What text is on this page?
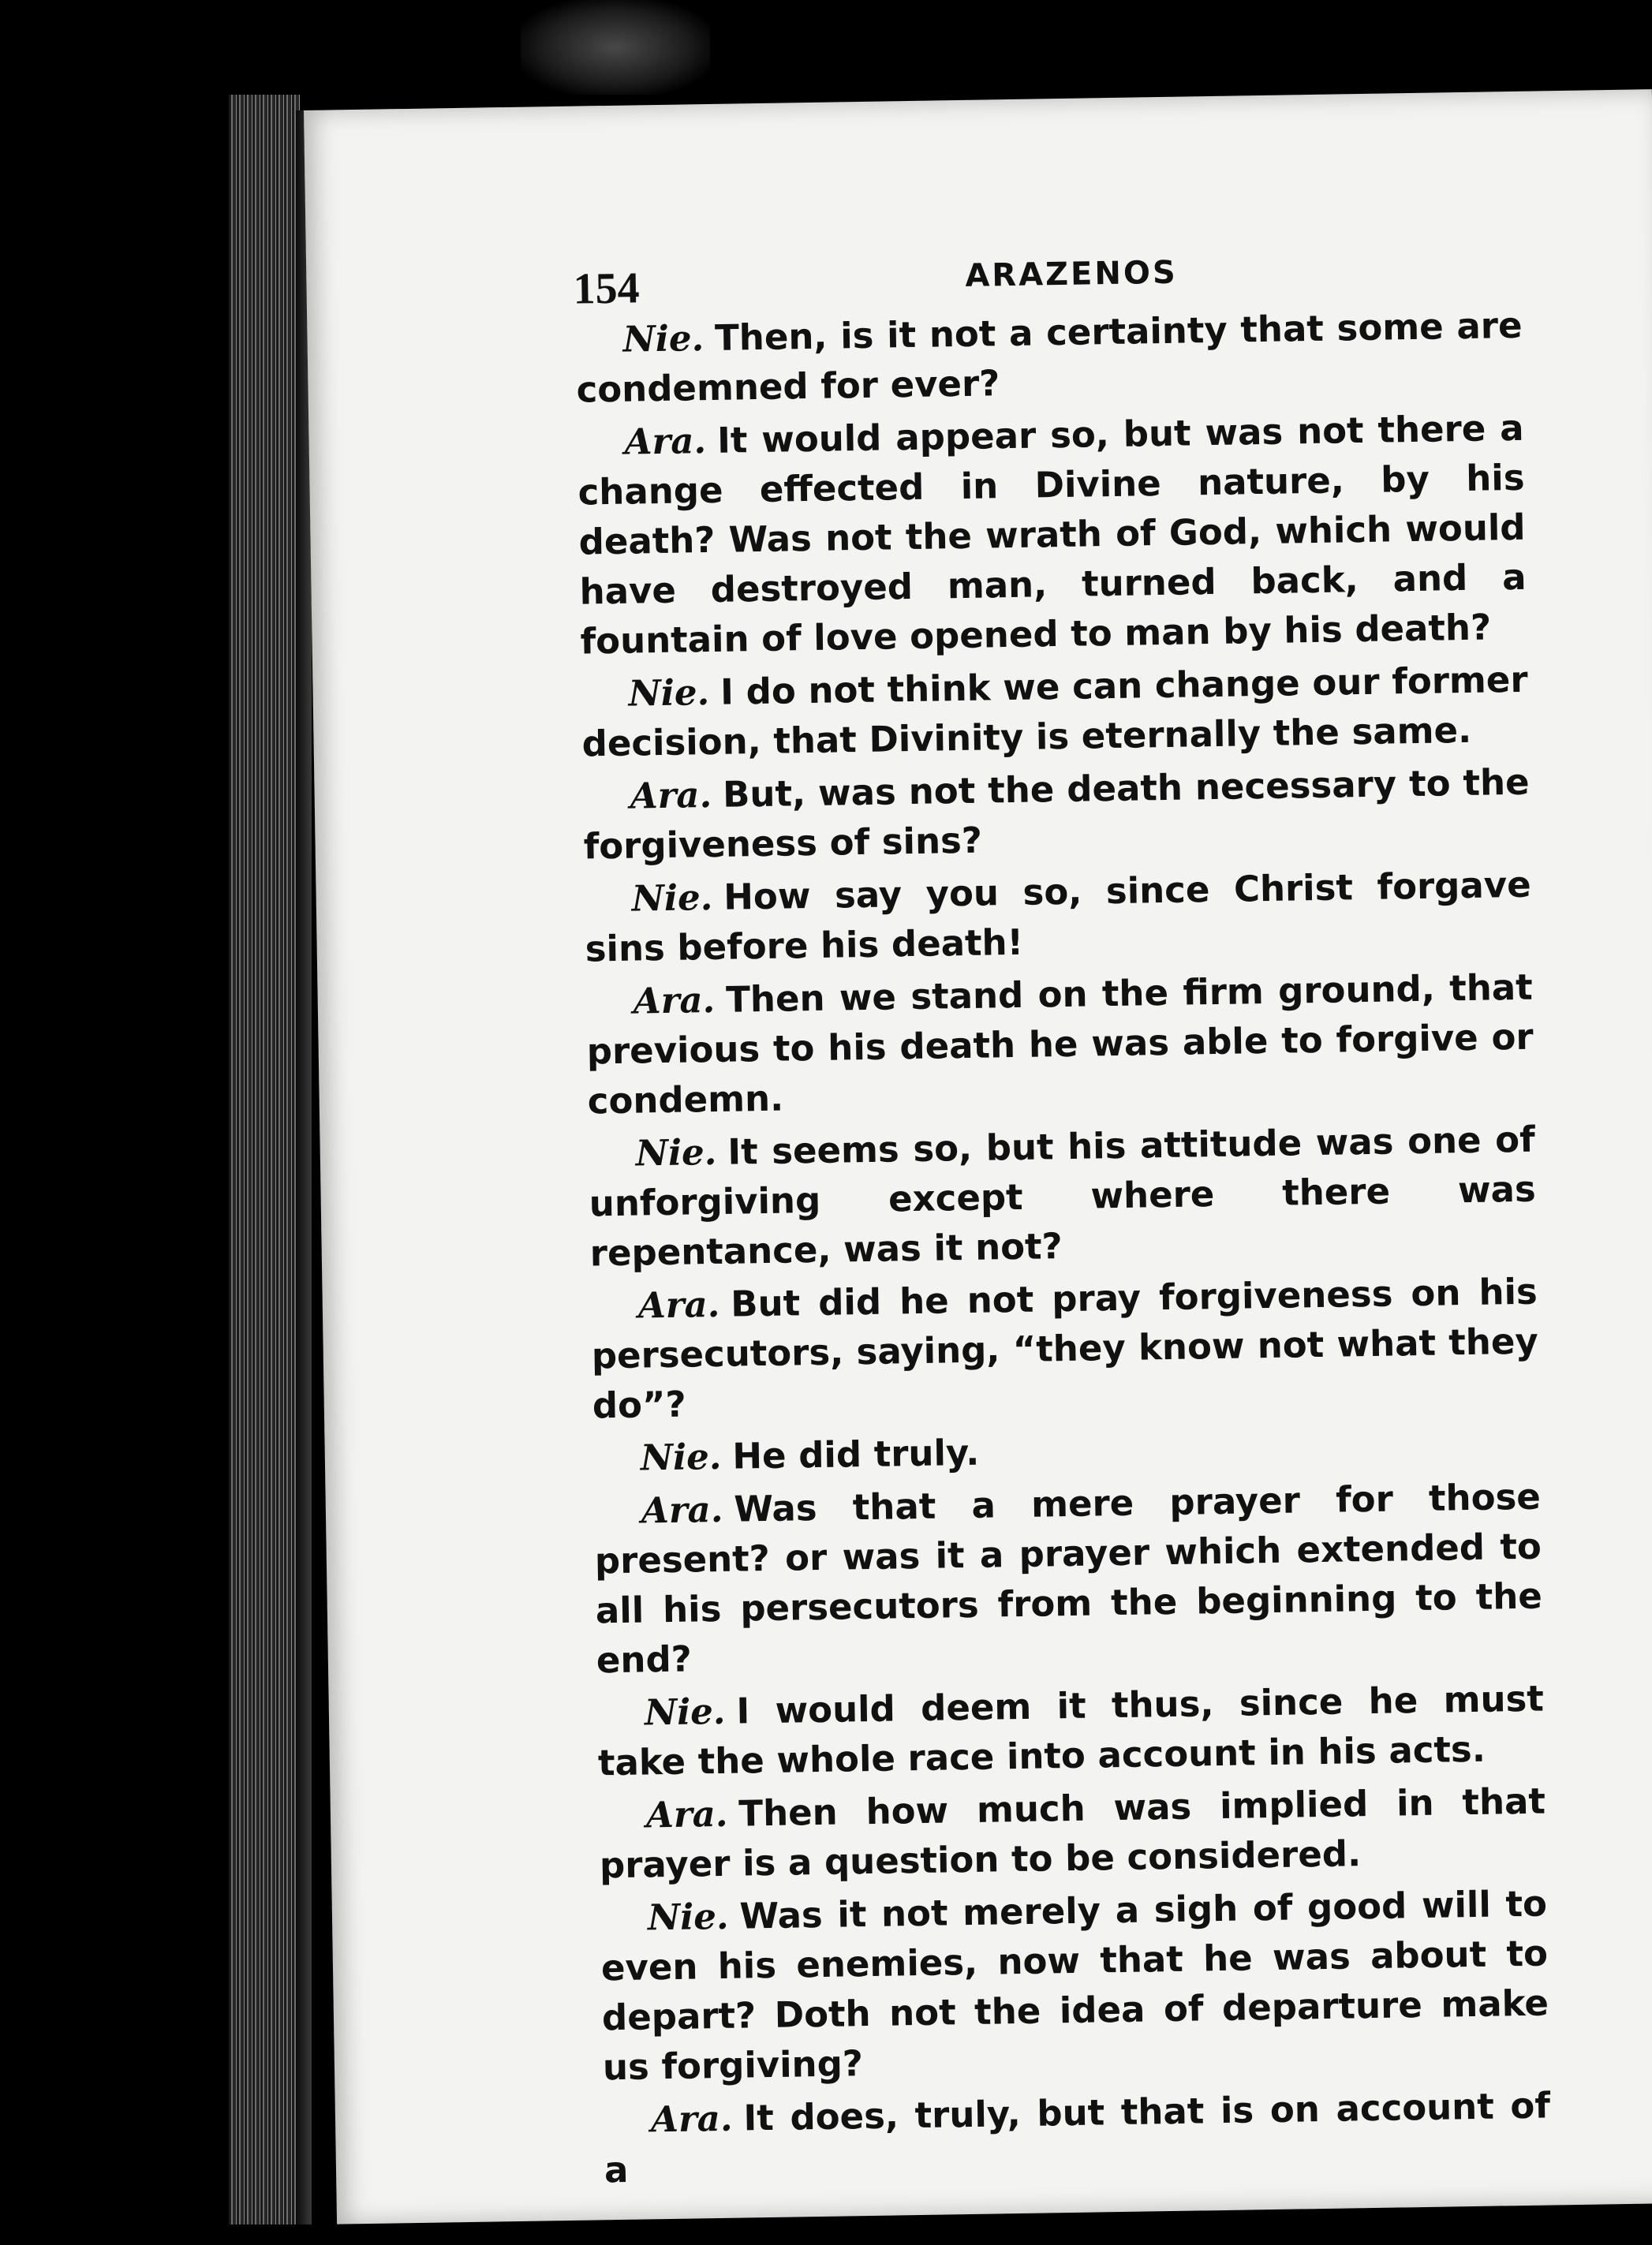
154	ARAZENOS

Nie. Then, is it not a certainty that some are condemned for ever?

Ara. It would appear so, but was not there a change effected in Divine nature, by his death? Was not the wrath of God, which would have destroyed man, turned back, and a fountain of love opened to man by his death?

Nie. I do not think we can change our former decision, that Divinity is eternally the same.

Ara. But, was not the death necessary to the forgiveness of sins?

Nie. How say you so, since Christ forgave sins before his death!

Ara. Then we stand on the firm ground, that previous to his death he was able to forgive or condemn.

Nie. It seems so, but his attitude was one of unforgiving except where there was repentance, was it not?

Ara. But did he not pray forgiveness on his persecutors, saying, “they know not what they do”?

Nie. He did truly.

Ara. Was that a mere prayer for those present? or was it a prayer which extended to all his persecutors from the beginning to the end?

Nie. I would deem it thus, since he must take the whole race into account in his acts.

Ara. Then how much was implied in that prayer is a question to be considered.

Nie. Was it not merely a sigh of good will to even his enemies, now that he was about to depart? Doth not the idea of departure make us forgiving?

Ara. It does, truly, but that is on account of a
